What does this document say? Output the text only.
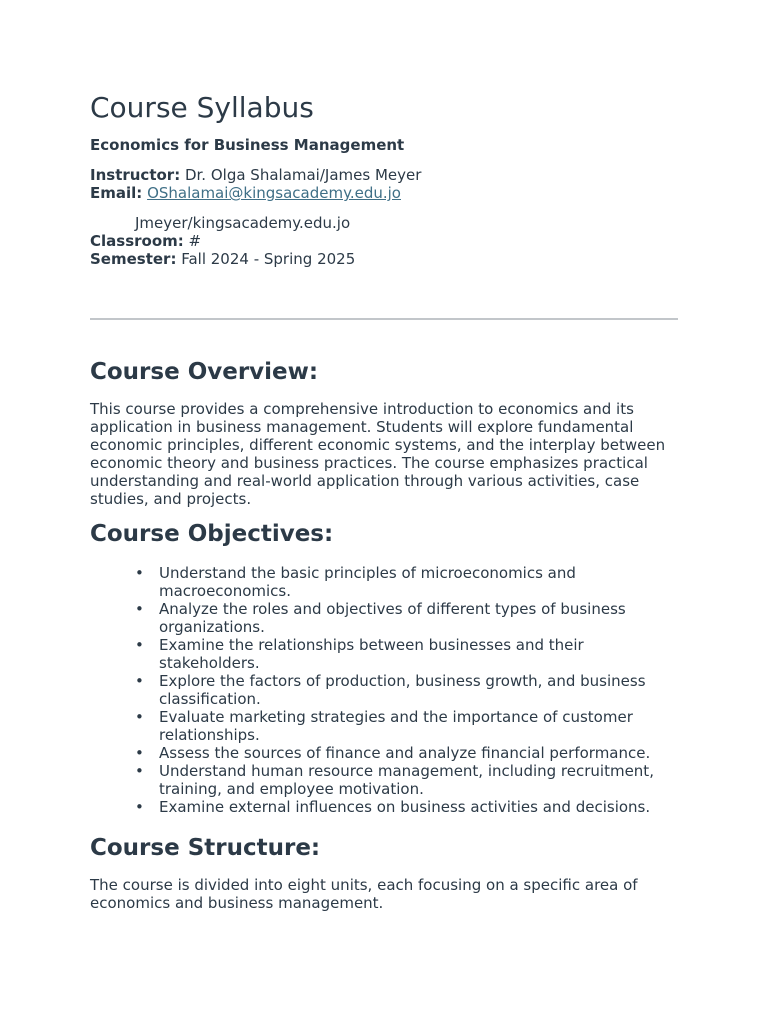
Course Syllabus
Economics for Business Management
Instructor: Dr. Olga Shalamai/James Meyer
Email: OShalamai@kingsacademy.edu.jo
Jmeyer/kingsacademy.edu.jo
Classroom: #
Semester: Fall 2024 - Spring 2025
Course Overview:
This course provides a comprehensive introduction to economics and its application in business management. Students will explore fundamental economic principles, different economic systems, and the interplay between economic theory and business practices. The course emphasizes practical understanding and real-world application through various activities, case studies, and projects.
Course Objectives:
• Understand the basic principles of microeconomics and macroeconomics.
• Analyze the roles and objectives of different types of business organizations.
• Examine the relationships between businesses and their stakeholders.
• Explore the factors of production, business growth, and business classification.
• Evaluate marketing strategies and the importance of customer relationships.
• Assess the sources of finance and analyze financial performance.
• Understand human resource management, including recruitment, training, and employee motivation.
• Examine external influences on business activities and decisions.
Course Structure:
The course is divided into eight units, each focusing on a specific area of economics and business management.
